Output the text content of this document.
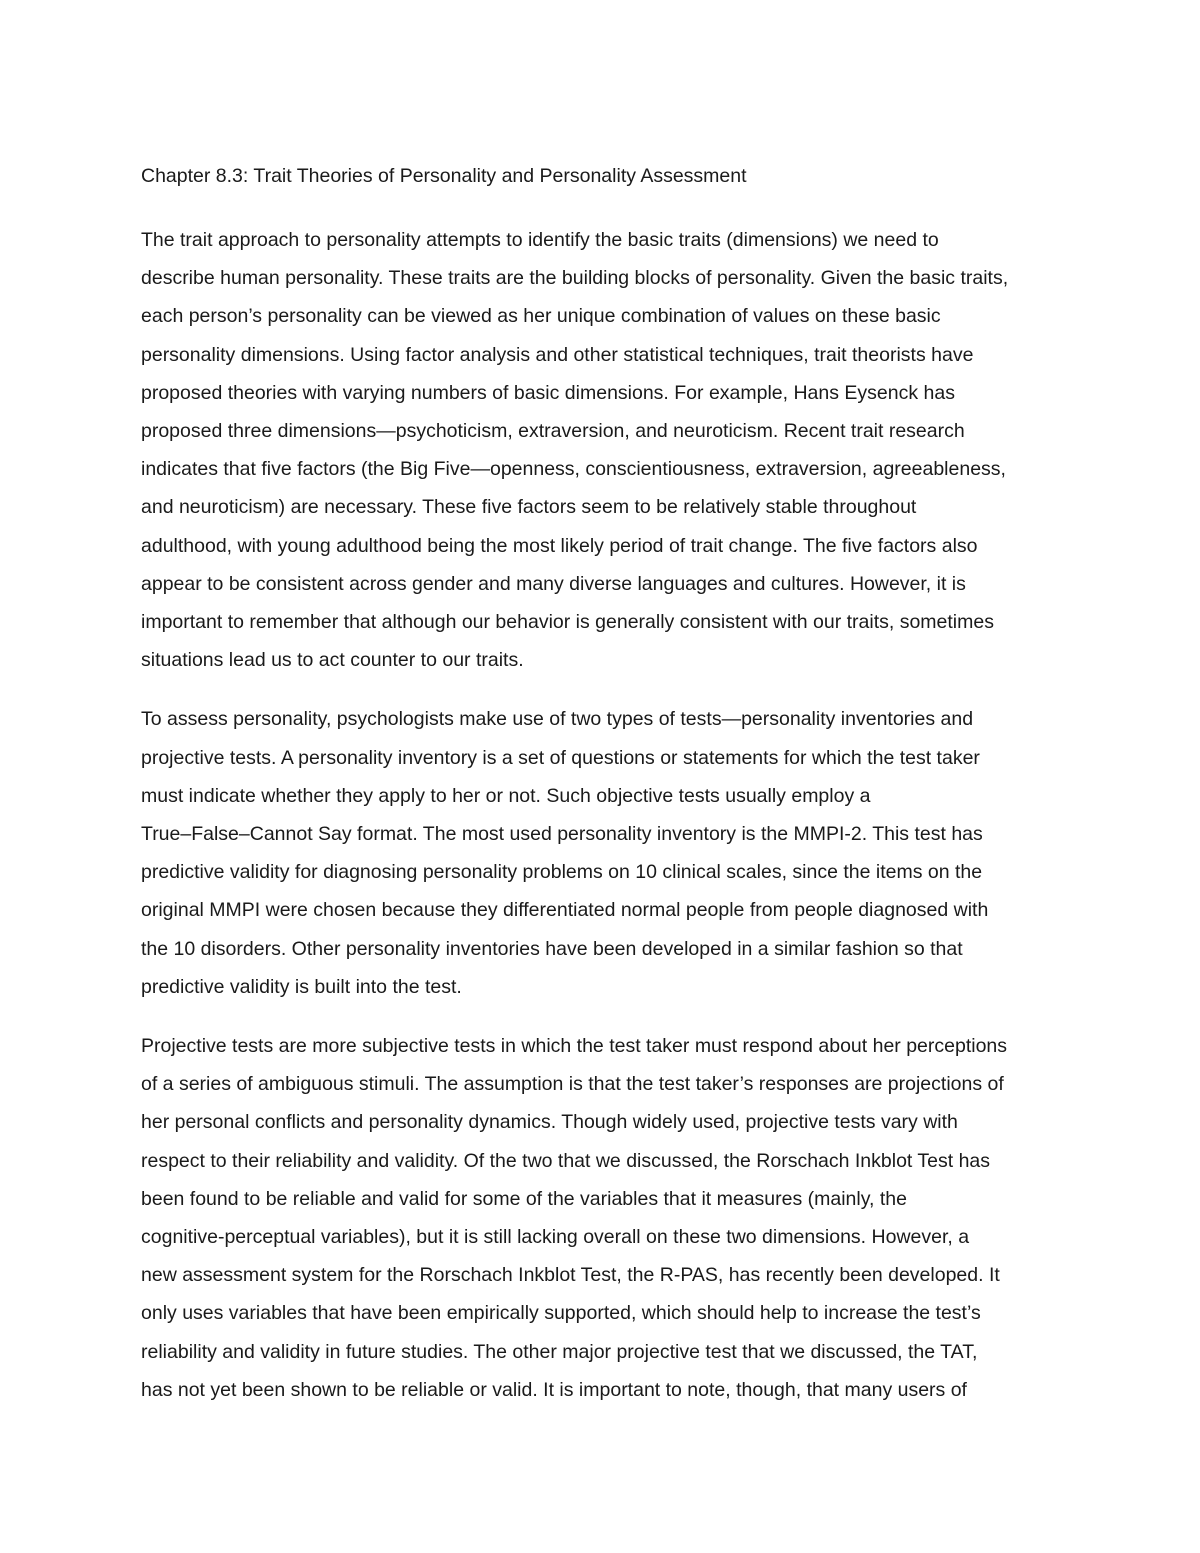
Chapter 8.3: Trait Theories of Personality and Personality Assessment
The trait approach to personality attempts to identify the basic traits (dimensions) we need to
describe human personality. These traits are the building blocks of personality. Given the basic traits,
each person’s personality can be viewed as her unique combination of values on these basic
personality dimensions. Using factor analysis and other statistical techniques, trait theorists have
proposed theories with varying numbers of basic dimensions. For example, Hans Eysenck has
proposed three dimensions—psychoticism, extraversion, and neuroticism. Recent trait research
indicates that five factors (the Big Five—openness, conscientiousness, extraversion, agreeableness,
and neuroticism) are necessary. These five factors seem to be relatively stable throughout
adulthood, with young adulthood being the most likely period of trait change. The five factors also
appear to be consistent across gender and many diverse languages and cultures. However, it is
important to remember that although our behavior is generally consistent with our traits, sometimes
situations lead us to act counter to our traits.
To assess personality, psychologists make use of two types of tests—personality inventories and
projective tests. A personality inventory is a set of questions or statements for which the test taker
must indicate whether they apply to her or not. Such objective tests usually employ a
True–False–Cannot Say format. The most used personality inventory is the MMPI-2. This test has
predictive validity for diagnosing personality problems on 10 clinical scales, since the items on the
original MMPI were chosen because they differentiated normal people from people diagnosed with
the 10 disorders. Other personality inventories have been developed in a similar fashion so that
predictive validity is built into the test.
Projective tests are more subjective tests in which the test taker must respond about her perceptions
of a series of ambiguous stimuli. The assumption is that the test taker’s responses are projections of
her personal conflicts and personality dynamics. Though widely used, projective tests vary with
respect to their reliability and validity. Of the two that we discussed, the Rorschach Inkblot Test has
been found to be reliable and valid for some of the variables that it measures (mainly, the
cognitive-perceptual variables), but it is still lacking overall on these two dimensions. However, a
new assessment system for the Rorschach Inkblot Test, the R-PAS, has recently been developed. It
only uses variables that have been empirically supported, which should help to increase the test’s
reliability and validity in future studies. The other major projective test that we discussed, the TAT,
has not yet been shown to be reliable or valid. It is important to note, though, that many users of
